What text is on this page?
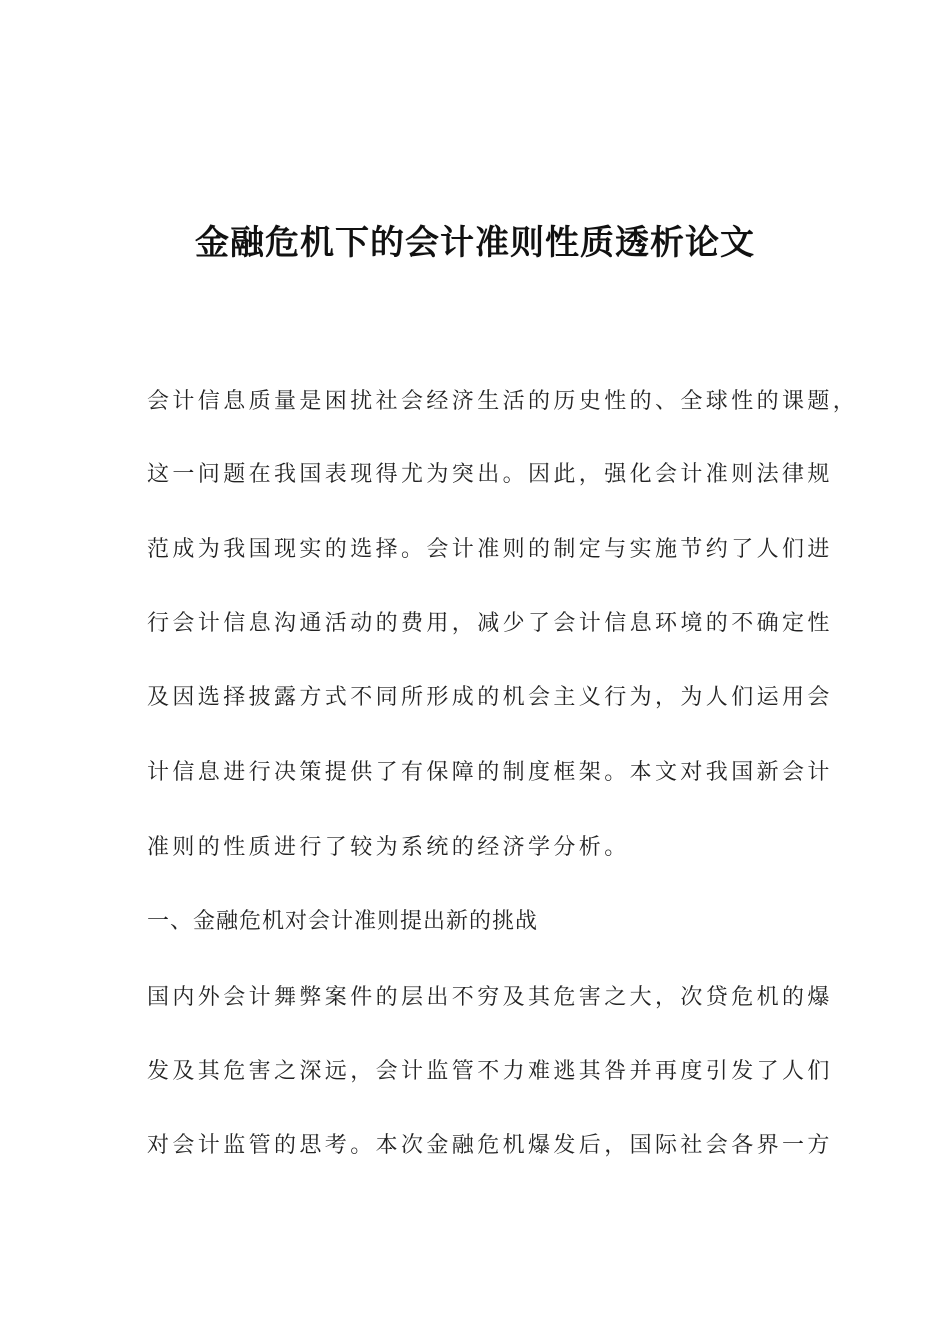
金融危机下的会计准则性质透析论文

会计信息质量是困扰社会经济生活的历史性的、全球性的课题，

这一问题在我国表现得尤为突出。因此，强化会计准则法律规

范成为我国现实的选择。会计准则的制定与实施节约了人们进

行会计信息沟通活动的费用，减少了会计信息环境的不确定性

及因选择披露方式不同所形成的机会主义行为，为人们运用会

计信息进行决策提供了有保障的制度框架。本文对我国新会计

准则的性质进行了较为系统的经济学分析。

一、金融危机对会计准则提出新的挑战

国内外会计舞弊案件的层出不穷及其危害之大，次贷危机的爆

发及其危害之深远，会计监管不力难逃其咎并再度引发了人们

对会计监管的思考。本次金融危机爆发后，国际社会各界一方
